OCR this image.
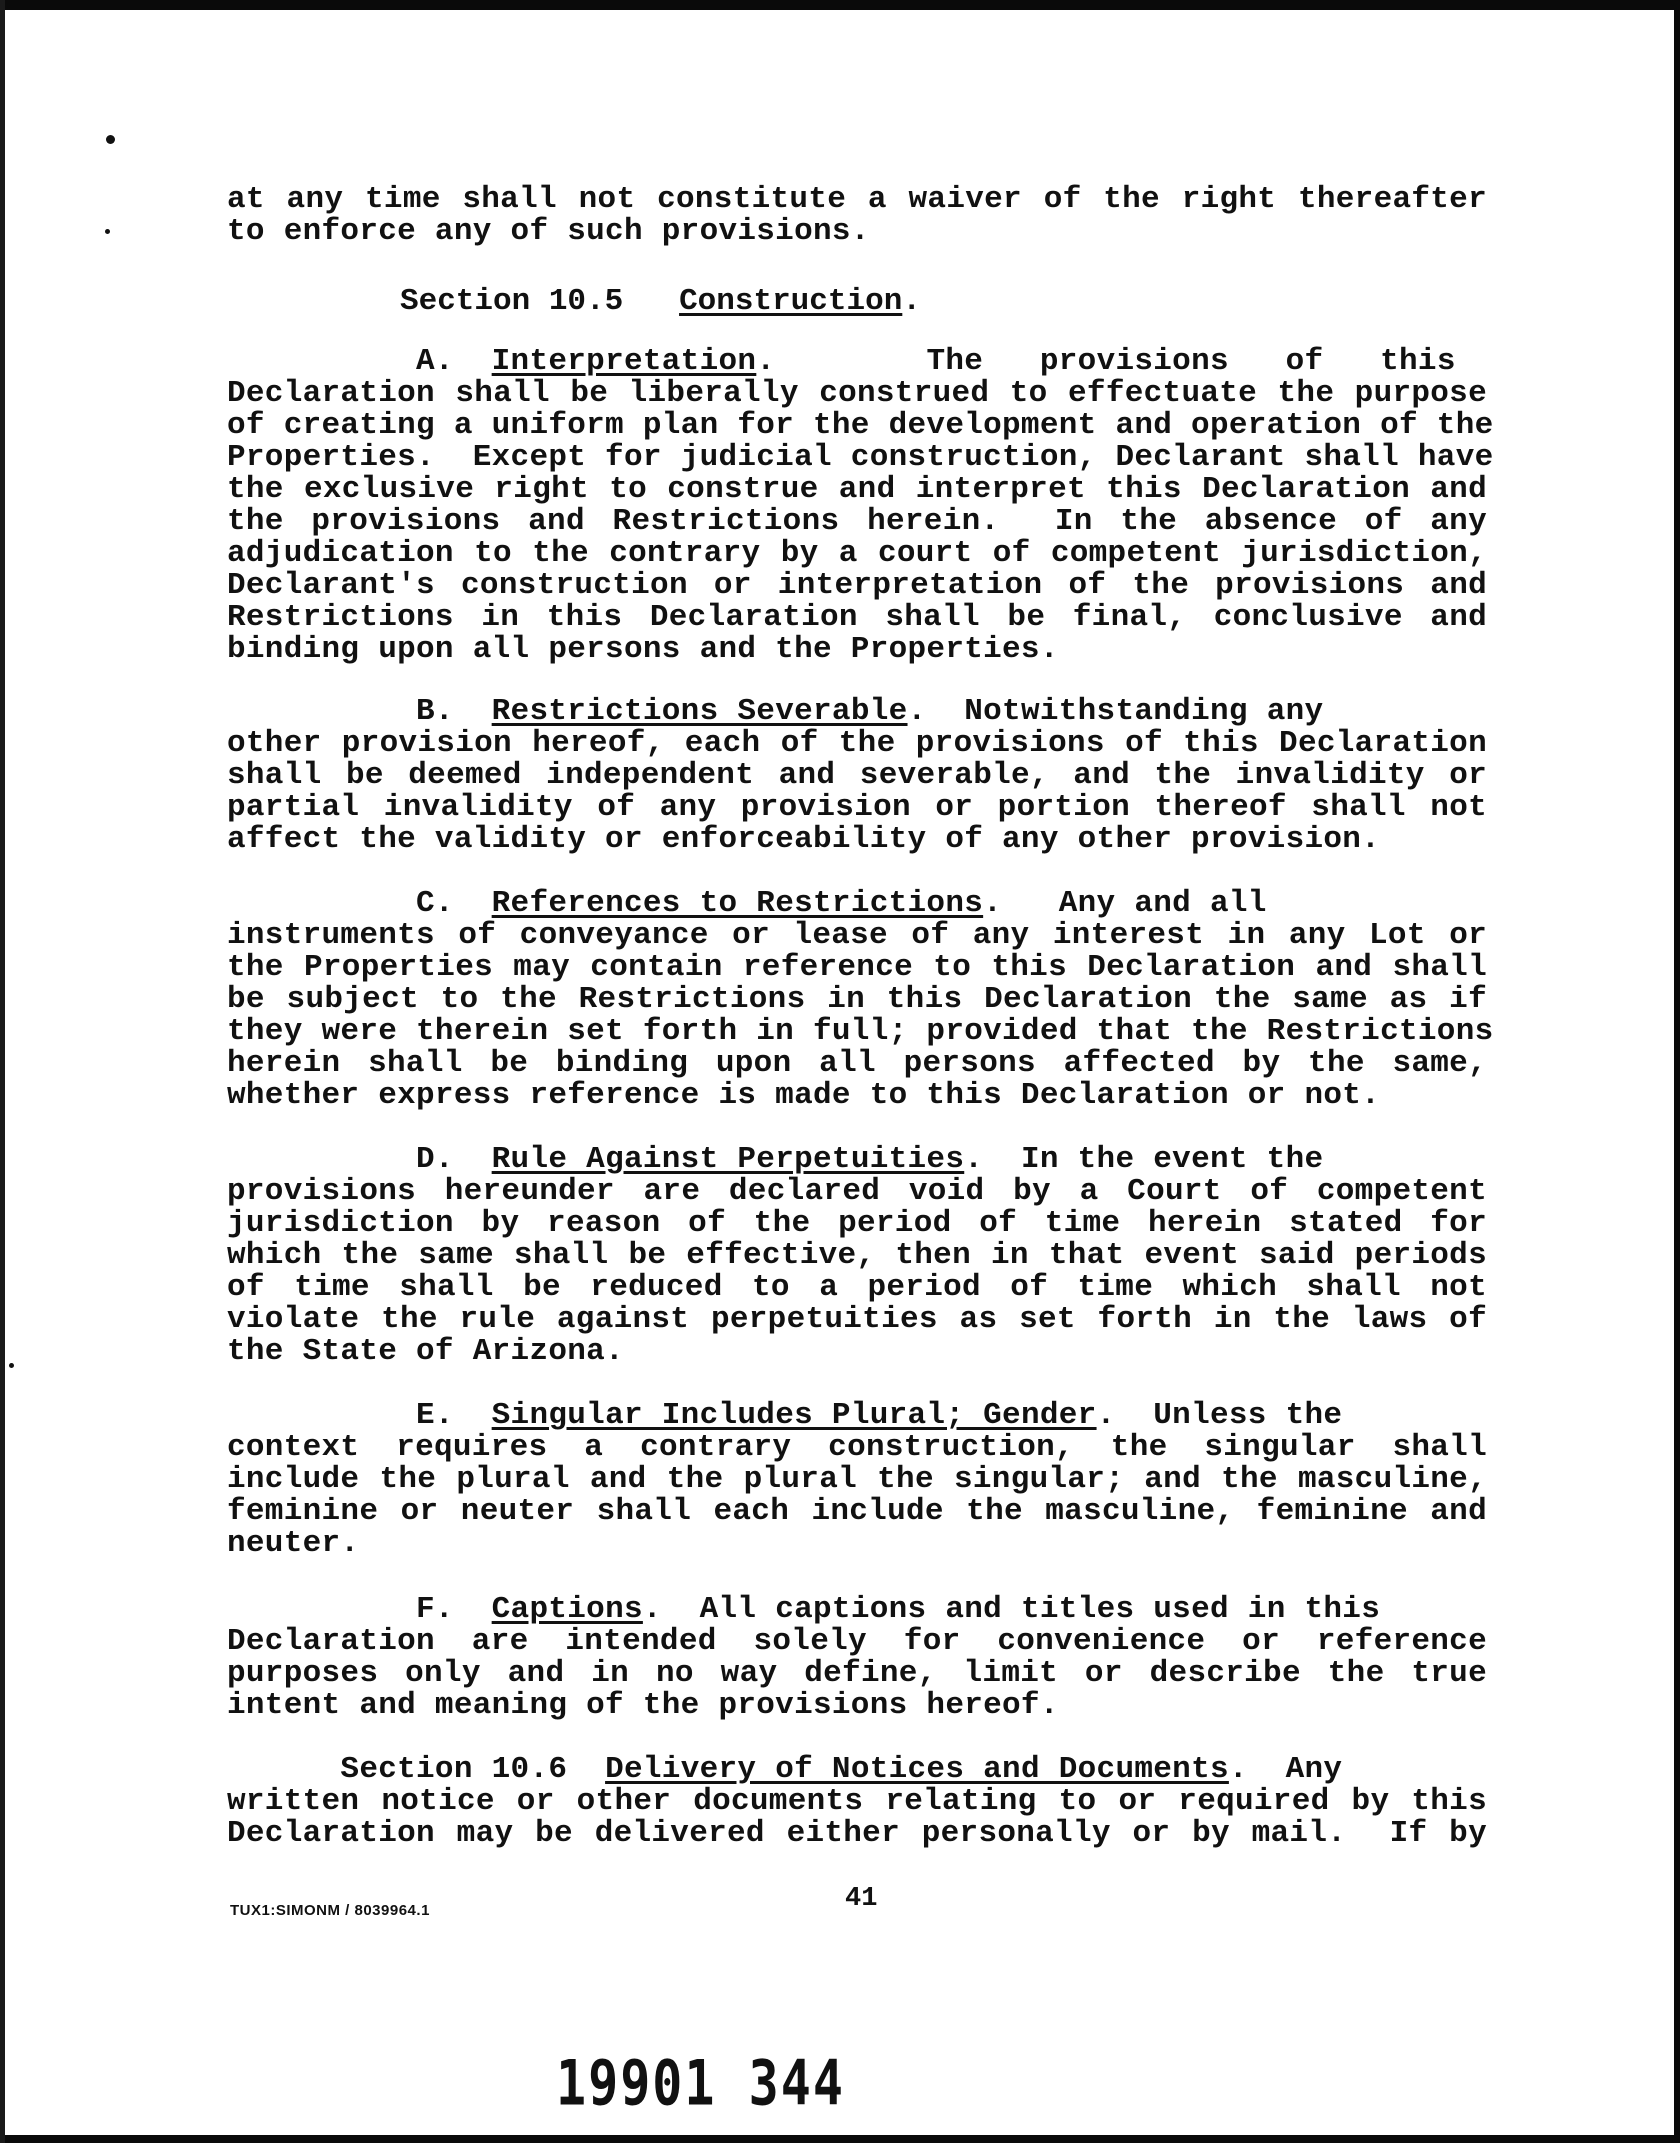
at any time shall not constitute a waiver of the right thereafter
to enforce any of such provisions.
Section 10.5 Construction.
A. Interpretation.        The   provisions   of   this
Declaration shall be liberally construed to effectuate the purpose
of creating a uniform plan for the development and operation of the
Properties.  Except for judicial construction, Declarant shall have
the exclusive right to construe and interpret this Declaration and
the provisions and Restrictions herein.  In the absence of any
adjudication to the contrary by a court of competent jurisdiction,
Declarant's construction or interpretation of the provisions and
Restrictions in this Declaration shall be final, conclusive and
binding upon all persons and the Properties.
B. Restrictions Severable.  Notwithstanding any
other provision hereof, each of the provisions of this Declaration
shall be deemed independent and severable, and the invalidity or
partial invalidity of any provision or portion thereof shall not
affect the validity or enforceability of any other provision.
C. References to Restrictions.   Any and all
instruments of conveyance or lease of any interest in any Lot or
the Properties may contain reference to this Declaration and shall
be subject to the Restrictions in this Declaration the same as if
they were therein set forth in full; provided that the Restrictions
herein shall be binding upon all persons affected by the same,
whether express reference is made to this Declaration or not.
D. Rule Against Perpetuities.  In the event the
provisions hereunder are declared void by a Court of competent
jurisdiction by reason of the period of time herein stated for
which the same shall be effective, then in that event said periods
of time shall be reduced to a period of time which shall not
violate the rule against perpetuities as set forth in the laws of
the State of Arizona.
E. Singular Includes Plural; Gender.  Unless the
context requires a contrary construction, the singular shall
include the plural and the plural the singular; and the masculine,
feminine or neuter shall each include the masculine, feminine and
neuter.
F. Captions.  All captions and titles used in this
Declaration are intended solely for convenience or reference
purposes only and in no way define, limit or describe the true
intent and meaning of the provisions hereof.
Section 10.6 Delivery of Notices and Documents.  Any
written notice or other documents relating to or required by this
Declaration may be delivered either personally or by mail.  If by
TUX1:SIMONM / 8039964.1	41
19901 344
